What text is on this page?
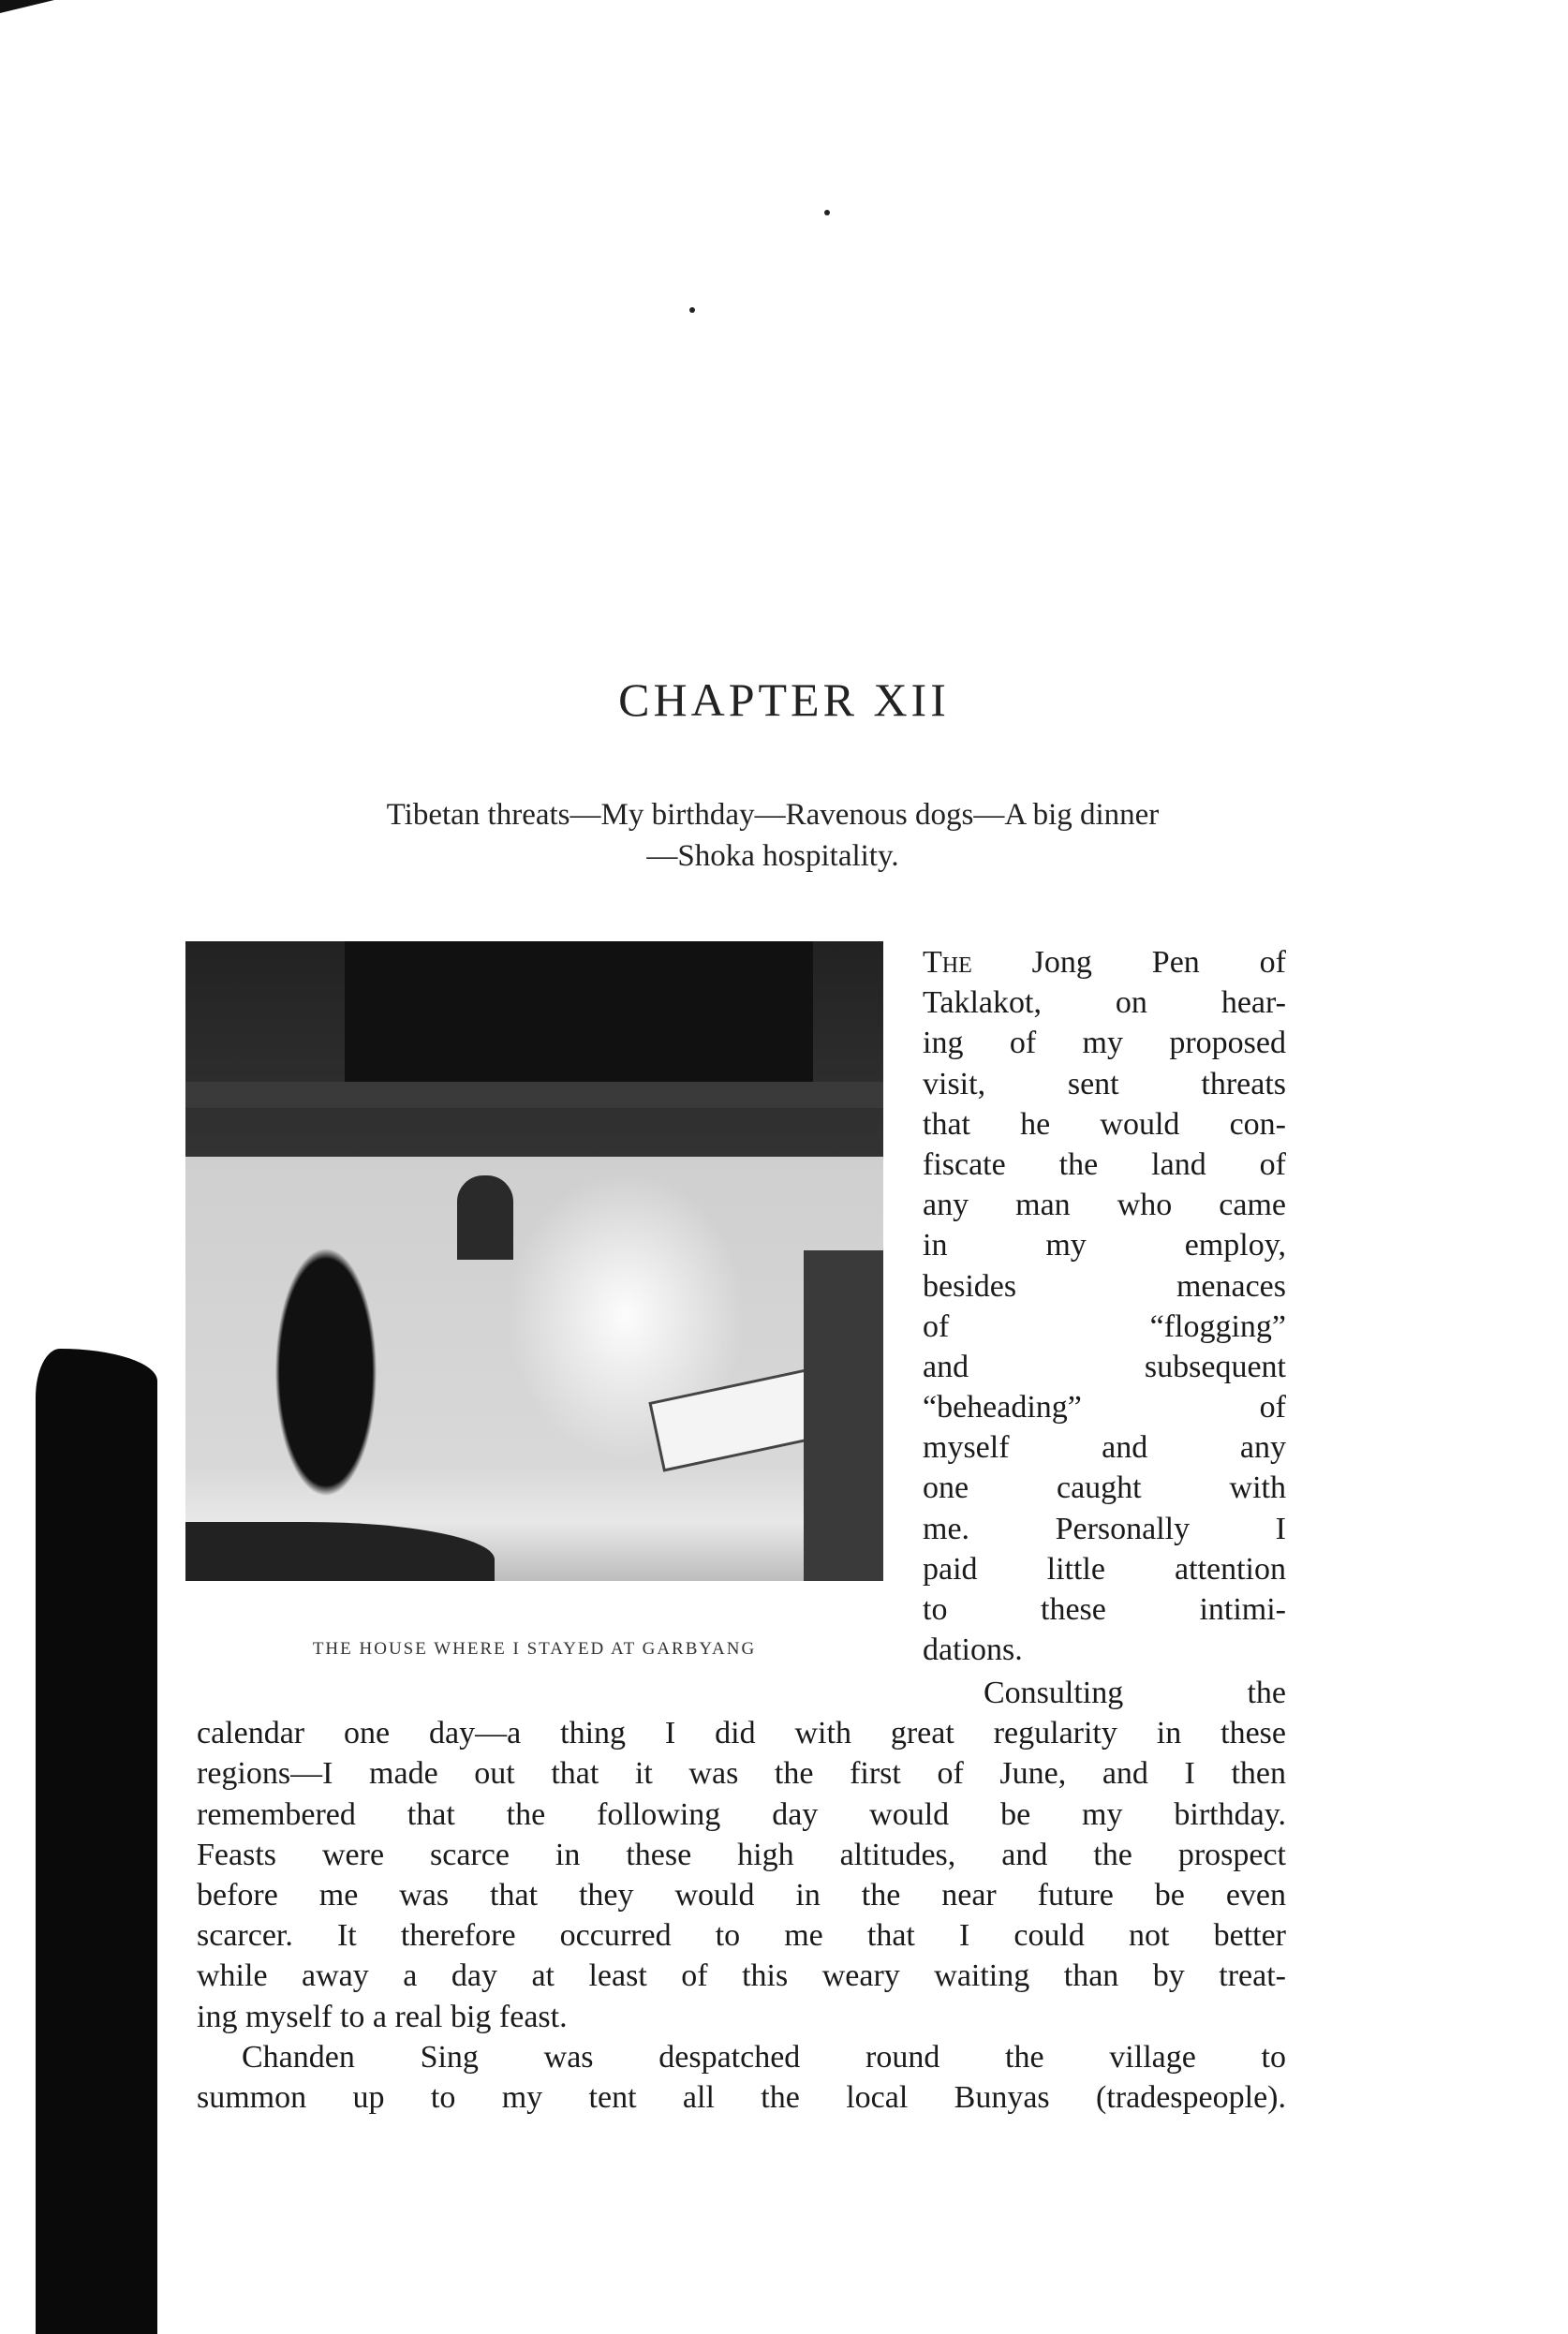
CHAPTER XII
Tibetan threats—My birthday—Ravenous dogs—A big dinner
—Shoka hospitality.
THE HOUSE WHERE I STAYED AT GARBYANG
The Jong Pen of
Taklakot, on hear-
ing of my proposed
visit, sent threats
that he would con-
fiscate the land of
any man who came
in my employ,
besides menaces
of “flogging”
and subsequent
“beheading” of
myself and any
one caught with
me. Personally I
paid little attention
to these intimi-
dations.
Consulting the
calendar one day—a thing I did with great regularity in these
regions—I made out that it was the first of June, and I then
remembered that the following day would be my birthday.
Feasts were scarce in these high altitudes, and the prospect
before me was that they would in the near future be even
scarcer. It therefore occurred to me that I could not better
while away a day at least of this weary waiting than by treat-
ing myself to a real big feast.
Chanden Sing was despatched round the village to
summon up to my tent all the local Bunyas (tradespeople).
